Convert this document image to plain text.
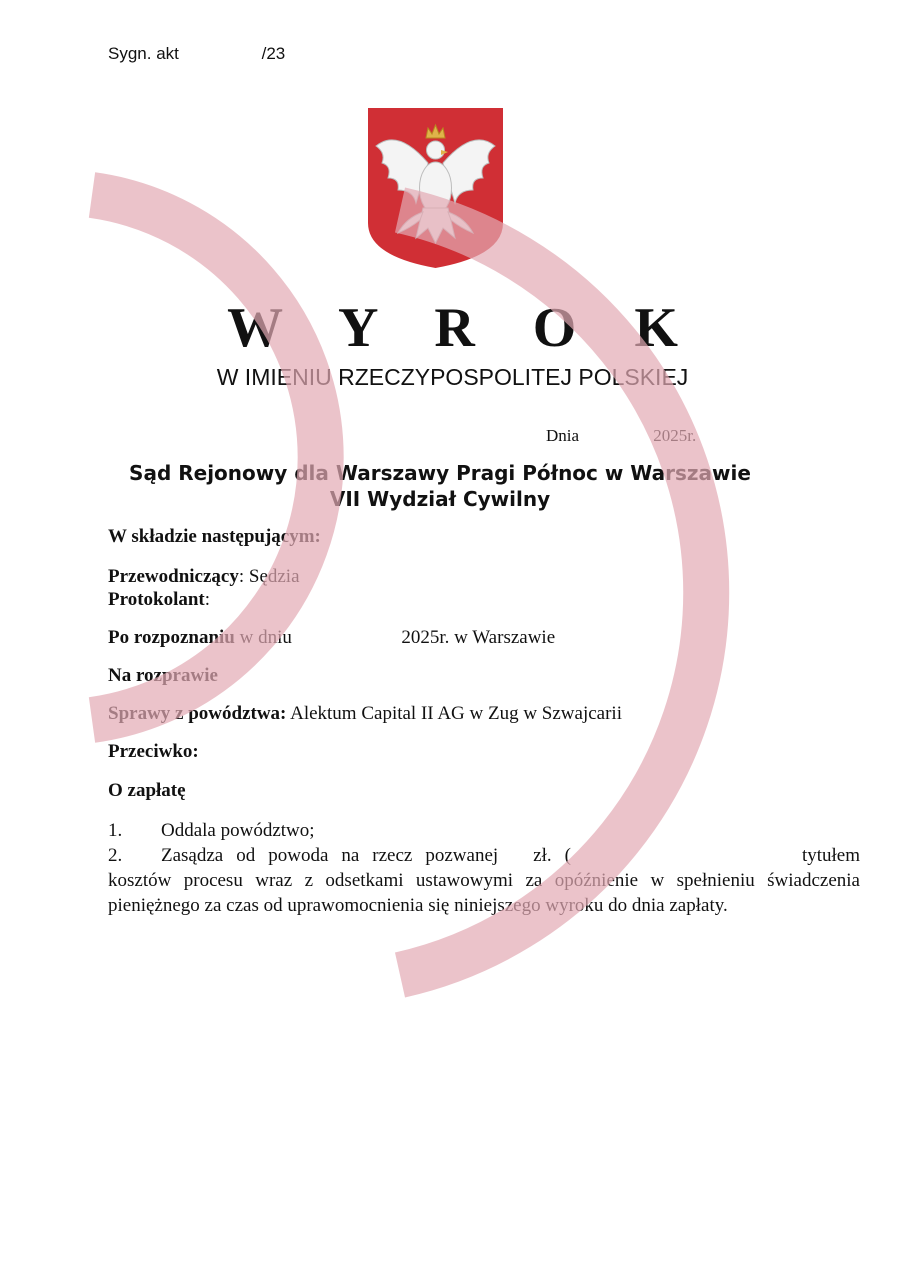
Sygn. akt	/23
W Y R O K
W IMIENIU RZECZYPOSPOLITEJ POLSKIEJ
Dnia	2025r.
Sąd Rejonowy dla Warszawy Pragi Północ w Warszawie
VII Wydział Cywilny
W składzie następującym:
Przewodniczący: Sędzia
Protokolant:
Po rozpoznaniu w dniu	2025r. w Warszawie
Na rozprawie
Sprawy z powództwa: Alektum Capital II AG w Zug w Szwajcarii
Przeciwko:
O zapłatę

1. Oddala powództwo;

2. Zasądza od powoda na rzecz pozwanej zł. (	tytułem kosztów procesu wraz z odsetkami ustawowymi za opóźnienie w spełnieniu świadczenia pieniężnego za czas od uprawomocnienia się niniejszego wyroku do dnia zapłaty.
